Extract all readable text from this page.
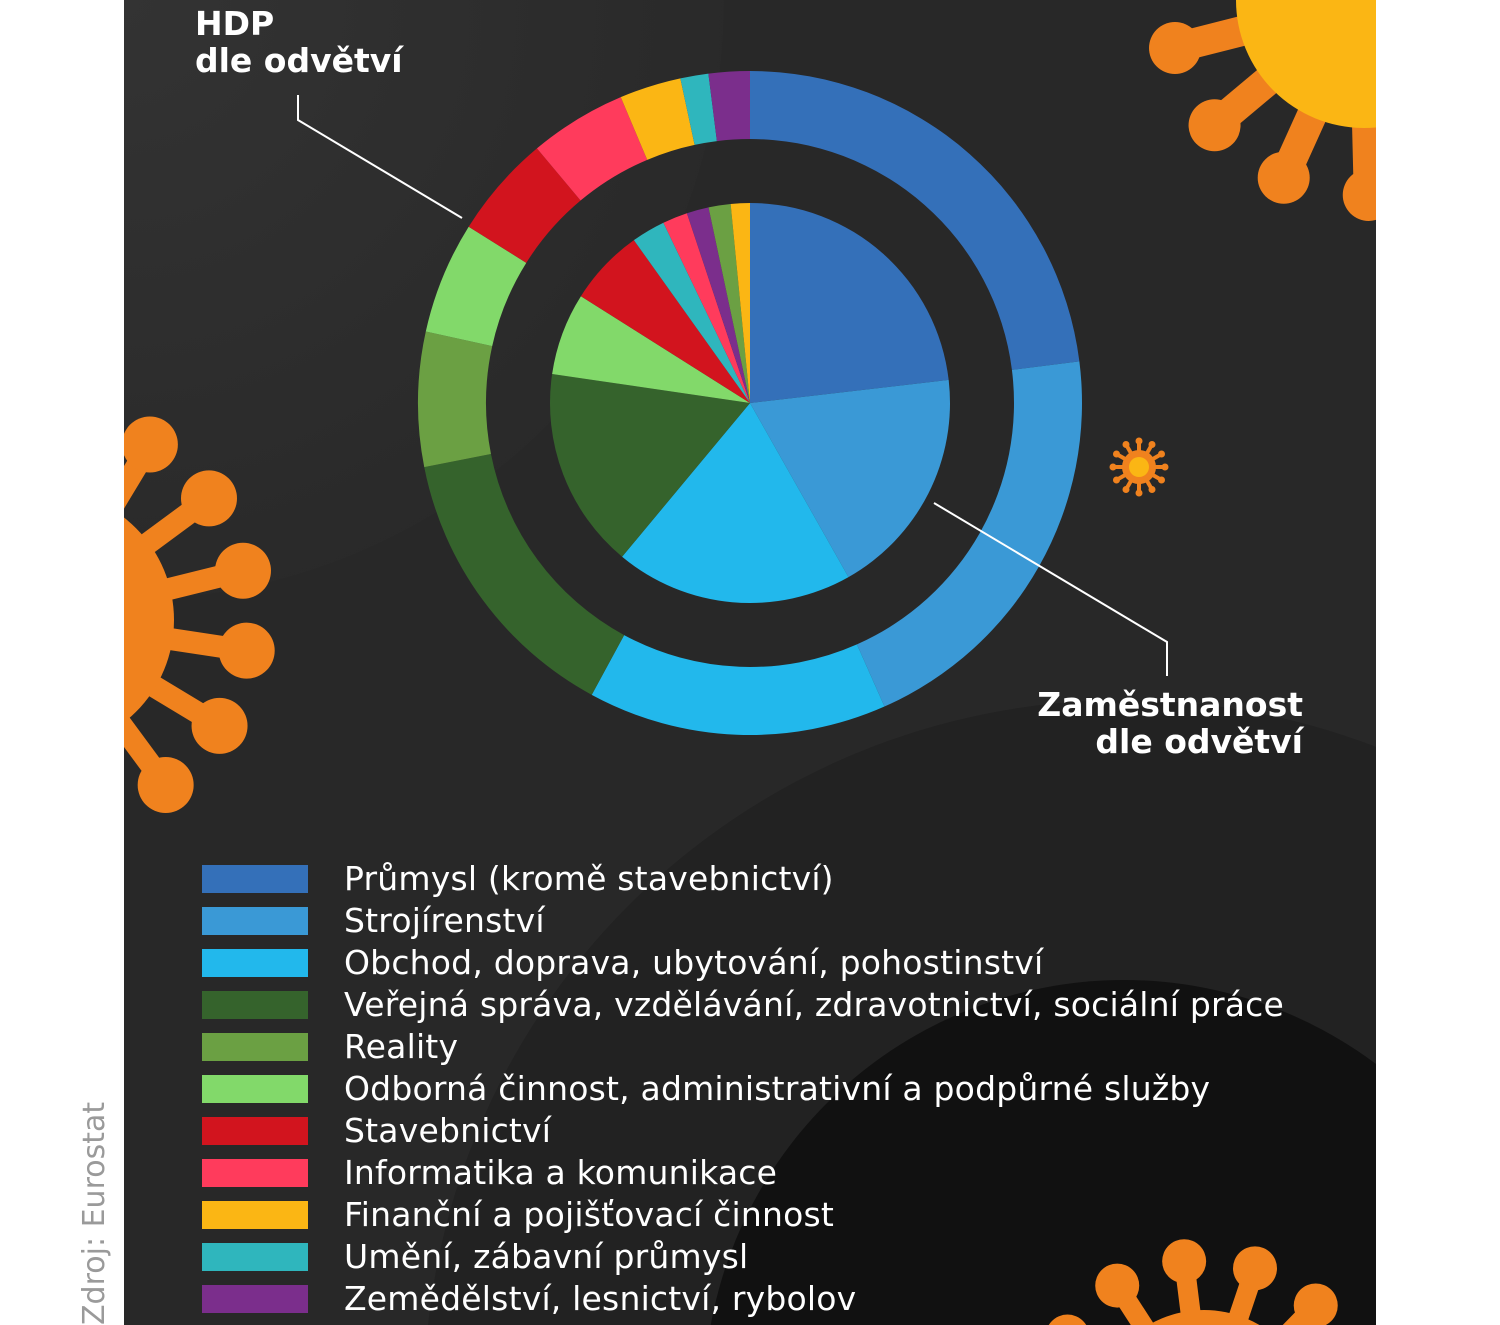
HDP
dle odvětví
Zaměstnanost
dle odvětví
Průmysl (kromě stavebnictví)
Strojírenství
Obchod, doprava, ubytování, pohostinství
Veřejná správa, vzdělávání, zdravotnictví, sociální práce
Reality
Odborná činnost, administrativní a podpůrné služby
Stavebnictví
Informatika a komunikace
Finanční a pojišťovací činnost
Umění, zábavní průmysl
Zemědělství, lesnictví, rybolov
Zdroj: Eurostat
